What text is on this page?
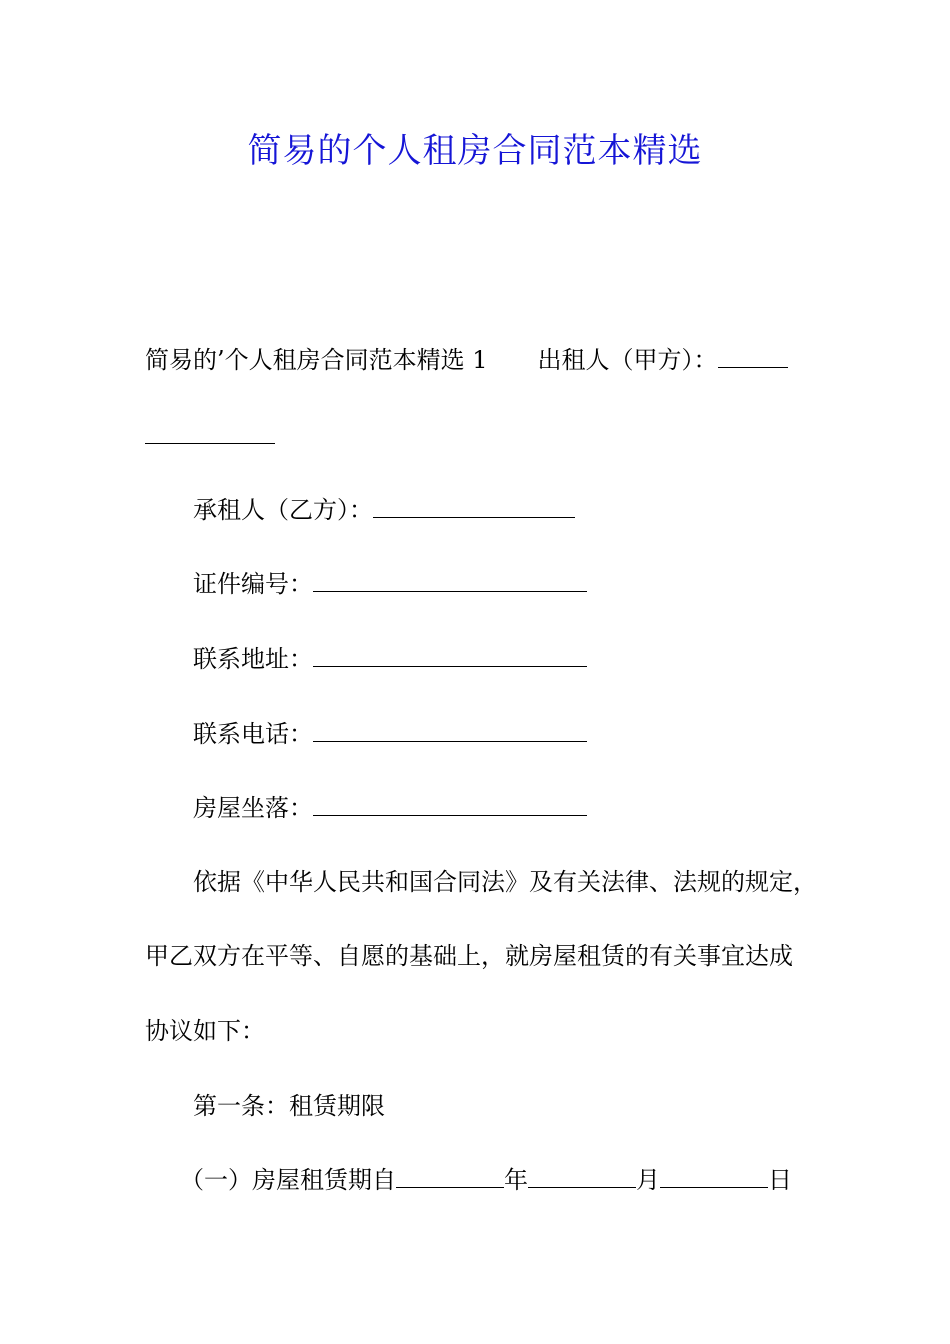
简易的个人租房合同范本精选
简易的’个人租房合同范本精选 1 出租人（甲方）：
承租人（乙方）：
证件编号：
联系地址：
联系电话：
房屋坐落：
依据《中华人民共和国合同法》及有关法律、法规的规定，
甲乙双方在平等、自愿的基础上，就房屋租赁的有关事宜达成
协议如下：
第一条：租赁期限
（一）房屋租赁期自	年	月	日
